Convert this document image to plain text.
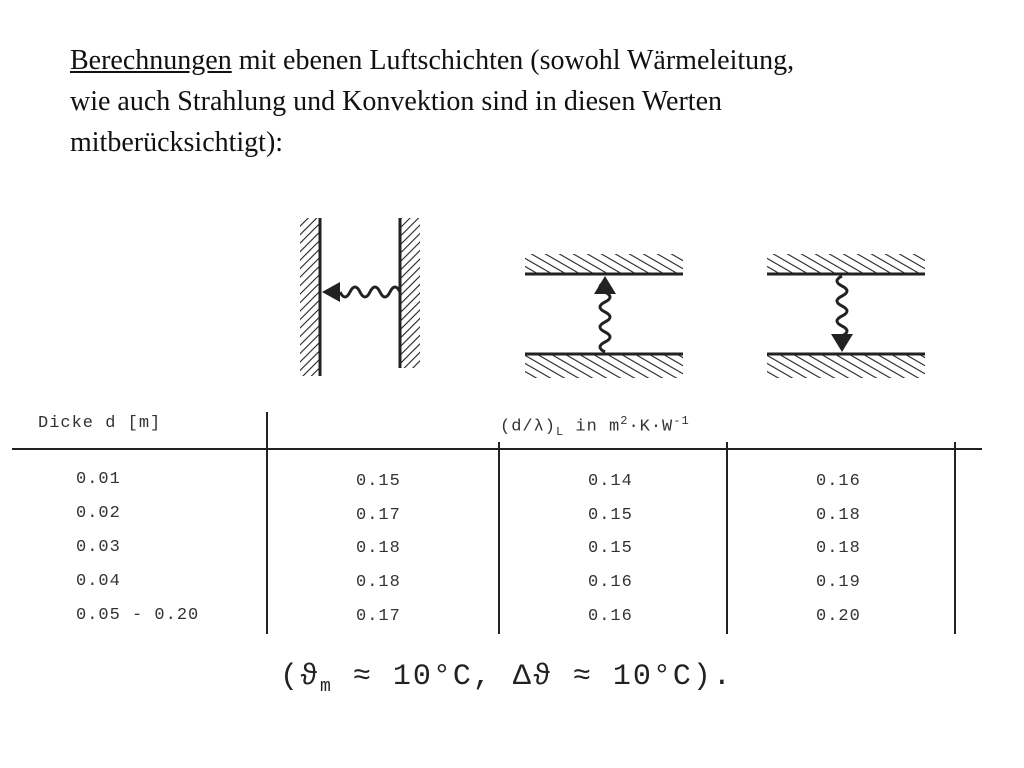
Berechnungen mit ebenen Luftschichten (sowohl Wärmeleitung,
wie auch Strahlung und Konvektion sind in diesen Werten
mitberücksichtigt):
Dicke d [m]	$(d/\lambda)_L$ in $m^2\cdot K\cdot W^{-1}$
0.01	0.15	0.14	0.16
0.02	0.17	0.15	0.18
0.03	0.18	0.15	0.18
0.04	0.18	0.16	0.19
0.05 - 0.20	0.17	0.16	0.20
($ϑ_m \approx 10^\circ C$, Δϑ ≈ 10°C).
